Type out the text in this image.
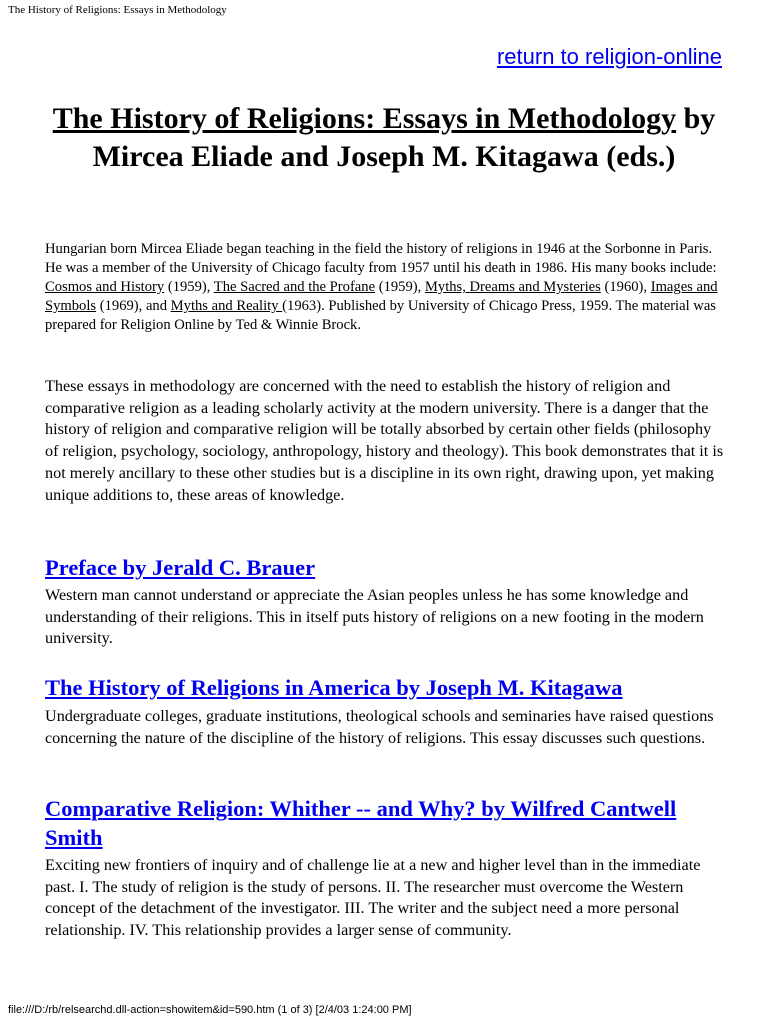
The History of Religions: Essays in Methodology
return to religion-online
The History of Religions: Essays in Methodology by
Mircea Eliade and Joseph M. Kitagawa (eds.)

Hungarian born Mircea Eliade began teaching in the field the history of religions in 1946 at the Sorbonne in Paris. He was a member of the University of Chicago faculty from 1957 until his death in 1986. His many books include: Cosmos and History (1959), The Sacred and the Profane (1959), Myths, Dreams and Mysteries (1960), Images and Symbols (1969), and Myths and Reality (1963). Published by University of Chicago Press, 1959. The material was prepared for Religion Online by Ted & Winnie Brock.

These essays in methodology are concerned with the need to establish the history of religion and comparative religion as a leading scholarly activity at the modern university. There is a danger that the history of religion and comparative religion will be totally absorbed by certain other fields (philosophy of religion, psychology, sociology, anthropology, history and theology). This book demonstrates that it is not merely ancillary to these other studies but is a discipline in its own right, drawing upon, yet making unique additions to, these areas of knowledge.

Preface by Jerald C. Brauer

Western man cannot understand or appreciate the Asian peoples unless he has some knowledge and understanding of their religions. This in itself puts history of religions on a new footing in the modern university.

The History of Religions in America by Joseph M. Kitagawa

Undergraduate colleges, graduate institutions, theological schools and seminaries have raised questions concerning the nature of the discipline of the history of religions. This essay discusses such questions.

Comparative Religion: Whither -- and Why? by Wilfred Cantwell Smith

Exciting new frontiers of inquiry and of challenge lie at a new and higher level than in the immediate past. I. The study of religion is the study of persons. II. The researcher must overcome the Western concept of the detachment of the investigator. III. The writer and the subject need a more personal relationship. IV. This relationship provides a larger sense of community.

file:///D:/rb/relsearchd.dll-action=showitem&id=590.htm (1 of 3) [2/4/03 1:24:00 PM]
